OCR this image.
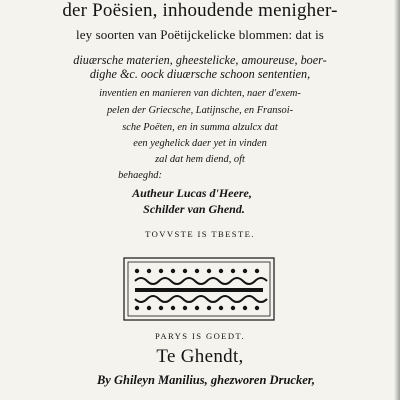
der Poësien, inhoudende menigher-
ley soorten van Poëtijckelicke blommen: dat is
diuærsche materien, gheestelicke, amoureuse, boer-
dighe &c. oock diuærsche schoon sententien,
inventien en manieren van dichten, naer d'exem-
pelen der Griecsche, Latijnsche, en Fransoi-
sche Poëten, en in summa alzulcx dat
een yeghelick daer yet in vinden
zal dat hem diend, oft
behaeghd:
Autheur Lucas d'Heere,
Schilder van Ghend.
TOVVSTE IS TBESTE.
PARYS IS GOEDT.
Te Ghendt,
By Ghileyn Manilius, ghezworen Drucker,
